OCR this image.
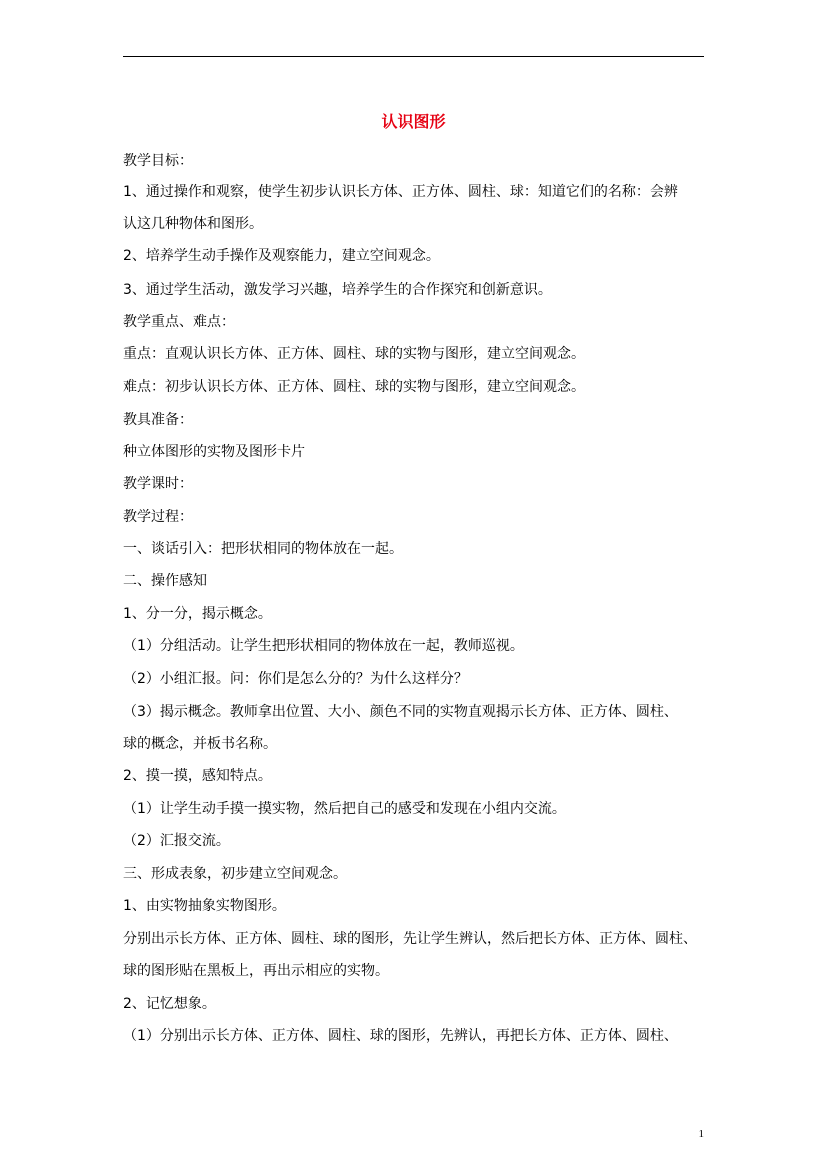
认识图形

教学目标：

1、通过操作和观察，使学生初步认识长方体、正方体、圆柱、球：知道它们的名称：会辨

认这几种物体和图形。

2、培养学生动手操作及观察能力，建立空间观念。

3、通过学生活动，激发学习兴趣，培养学生的合作探究和创新意识。

教学重点、难点：

重点：直观认识长方体、正方体、圆柱、球的实物与图形，建立空间观念。

难点：初步认识长方体、正方体、圆柱、球的实物与图形，建立空间观念。

教具准备：

种立体图形的实物及图形卡片

教学课时：

教学过程：

一、谈话引入：把形状相同的物体放在一起。

二、操作感知

1、分一分，揭示概念。

（1）分组活动。让学生把形状相同的物体放在一起，教师巡视。

（2）小组汇报。问：你们是怎么分的？为什么这样分？

（3）揭示概念。教师拿出位置、大小、颜色不同的实物直观揭示长方体、正方体、圆柱、

球的概念，并板书名称。

2、摸一摸，感知特点。

（1）让学生动手摸一摸实物，然后把自己的感受和发现在小组内交流。

（2）汇报交流。

三、形成表象，初步建立空间观念。

1、由实物抽象实物图形。

分别出示长方体、正方体、圆柱、球的图形，先让学生辨认，然后把长方体、正方体、圆柱、

球的图形贴在黑板上，再出示相应的实物。

2、记忆想象。

（1）分别出示长方体、正方体、圆柱、球的图形，先辨认，再把长方体、正方体、圆柱、

1
